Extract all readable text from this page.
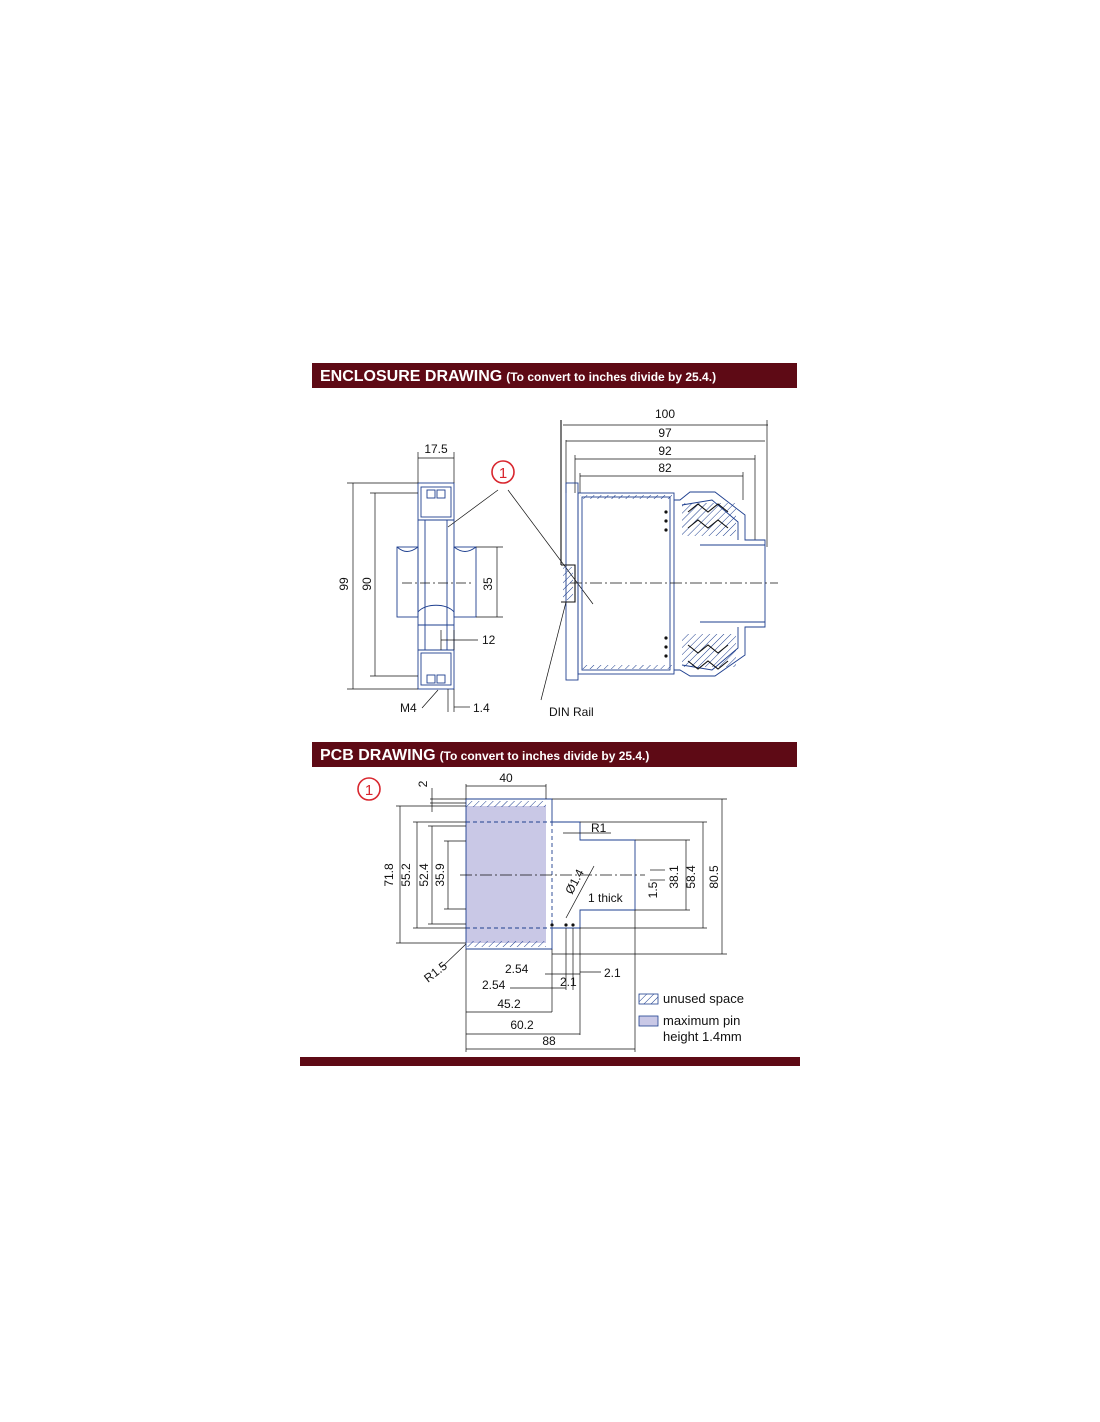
ENCLOSURE DRAWING (To convert to inches divide by 25.4.)
PCB DRAWING (To convert to inches divide by 25.4.)
17.5
99 90	35
12
M4	1.4
1
100
97
92
82
DIN Rail
1
40
2
R1
71.8 55.2 52.4 35.9	38.1 58.4 80.5
1.5
Ø1.4
1 thick
R1.5	2.54
2.54
2.1
2.1
45.2
60.2
88
unused space
maximum pin
height 1.4mm
